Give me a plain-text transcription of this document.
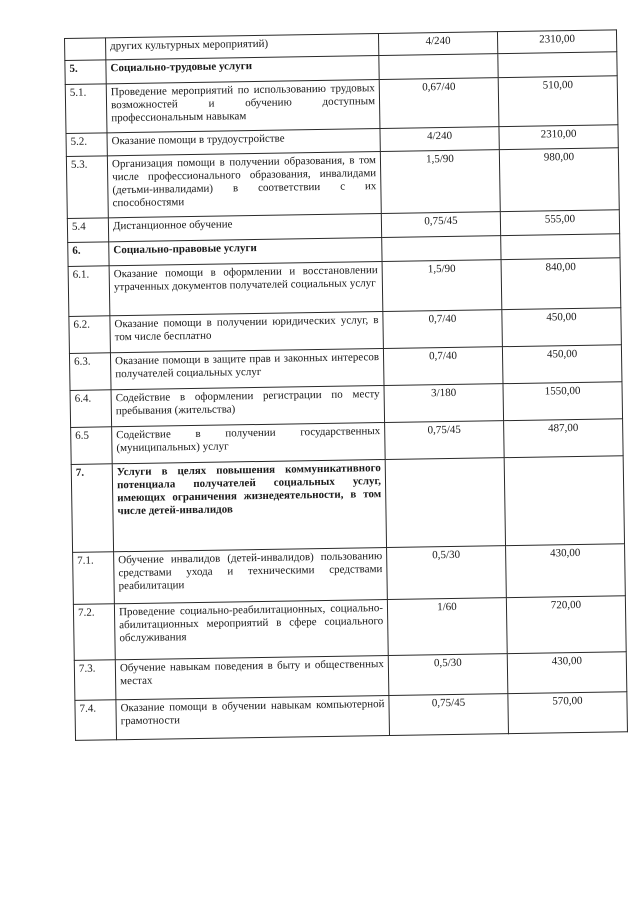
	других культурных мероприятий)	4/240	2310,00
5.	Социально-трудовые услуги		
5.1.	Проведение мероприятий по использованию трудовых возможностей и обучению доступным профессиональным навыкам	0,67/40	510,00
5.2.	Оказание помощи в трудоустройстве	4/240	2310,00
5.3.	Организация помощи в получении образования, в том числе профессионального образования, инвалидами (детьми-инвалидами) в соответствии с их способностями	1,5/90	980,00
5.4	Дистанционное обучение	0,75/45	555,00
6.	Социально-правовые услуги		
6.1.	Оказание помощи в оформлении и восстановлении утраченных документов получателей социальных услуг	1,5/90	840,00
6.2.	Оказание помощи в получении юридических услуг, в том числе бесплатно	0,7/40	450,00
6.3.	Оказание помощи в защите прав и законных интересов получателей социальных услуг	0,7/40	450,00
6.4.	Содействие в оформлении регистрации по месту пребывания (жительства)	3/180	1550,00
6.5	Содействие в получении государственных (муниципальных) услуг	0,75/45	487,00
7.	Услуги в целях повышения коммуникативного потенциала получателей социальных услуг, имеющих ограничения жизнедеятельности, в том числе детей-инвалидов		
7.1.	Обучение инвалидов (детей-инвалидов) пользованию средствами ухода и техническими средствами реабилитации	0,5/30	430,00
7.2.	Проведение социально-реабилитационных, социально-абилитационных мероприятий в сфере социального обслуживания	1/60	720,00
7.3.	Обучение навыкам поведения в быту и общественных местах	0,5/30	430,00
7.4.	Оказание помощи в обучении навыкам компьютерной грамотности	0,75/45	570,00
